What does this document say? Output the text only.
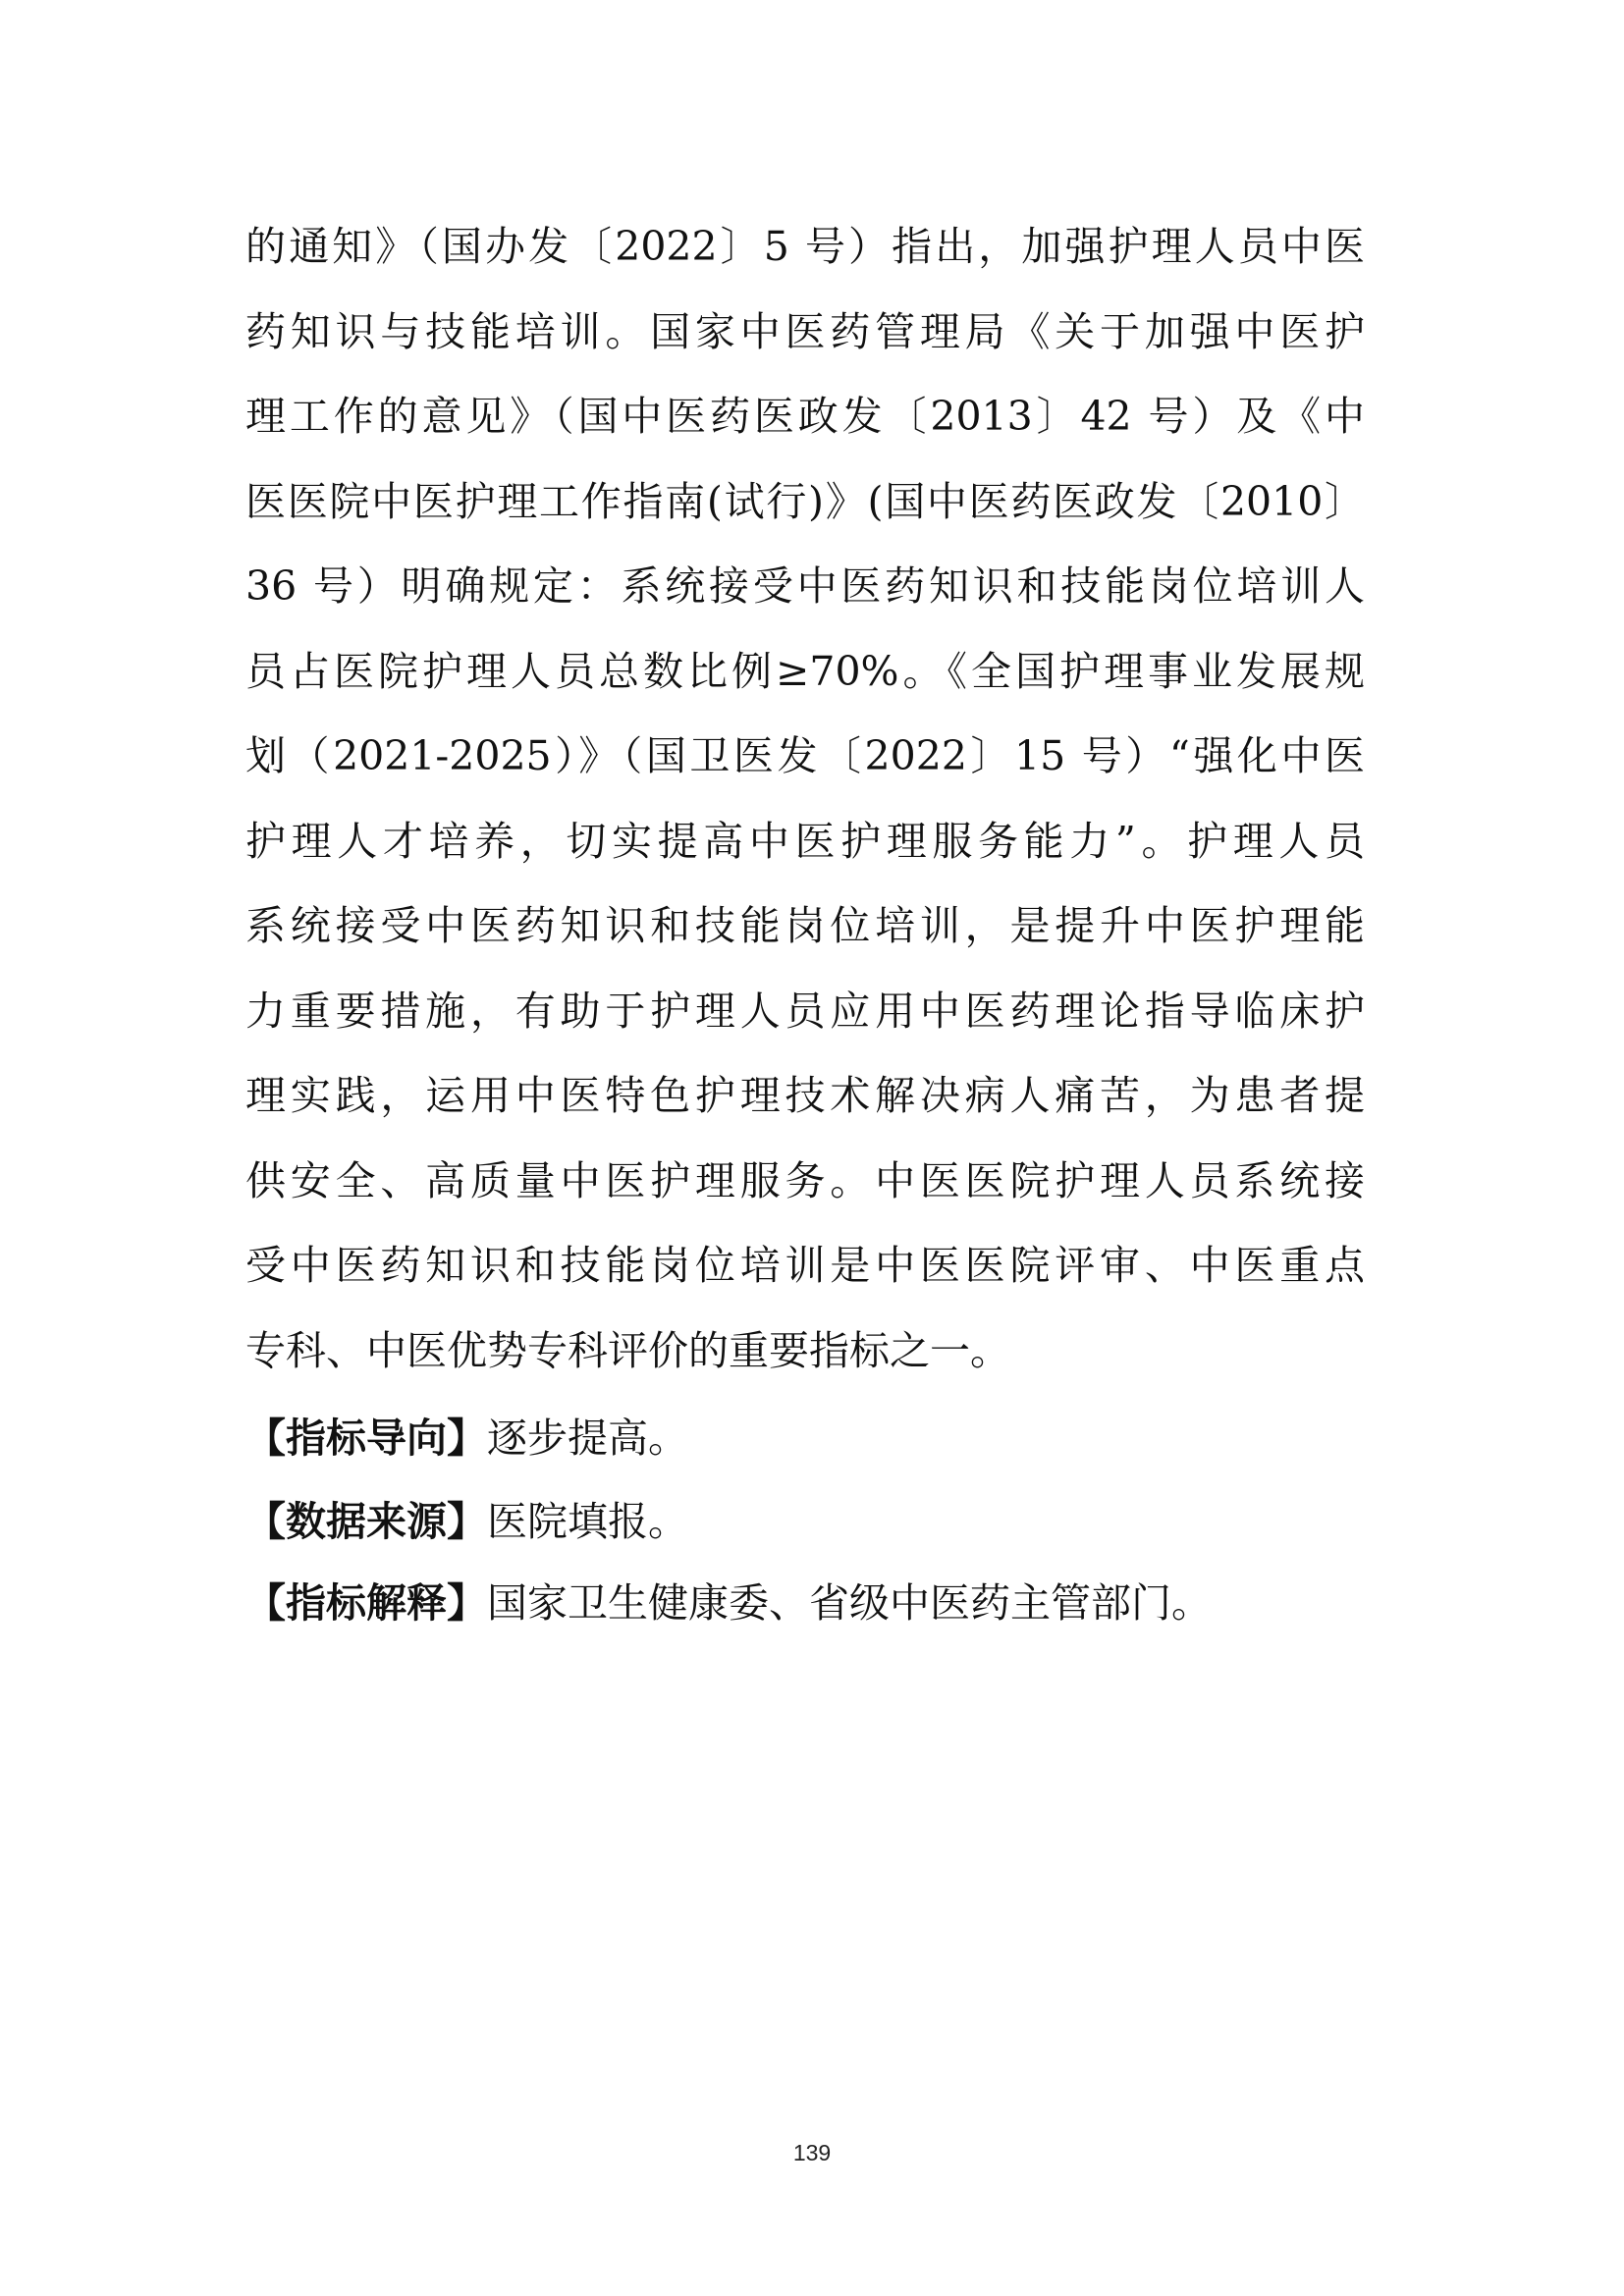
的通知》（国办发〔2022〕5 号）指出，加强护理人员中医
药知识与技能培训。国家中医药管理局《关于加强中医护
理工作的意见》（国中医药医政发〔2013〕42 号）及《中
医医院中医护理工作指南(试行)》(国中医药医政发〔2010〕
36 号）明确规定：系统接受中医药知识和技能岗位培训人
员占医院护理人员总数比例≥70%。《全国护理事业发展规
划（2021-2025）》（国卫医发〔2022〕15 号）“强化中医
护理人才培养，切实提高中医护理服务能力”。护理人员
系统接受中医药知识和技能岗位培训，是提升中医护理能
力重要措施，有助于护理人员应用中医药理论指导临床护
理实践，运用中医特色护理技术解决病人痛苦，为患者提
供安全、高质量中医护理服务。中医医院护理人员系统接
受中医药知识和技能岗位培训是中医医院评审、中医重点
专科、中医优势专科评价的重要指标之一。

【指标导向】逐步提高。

【数据来源】医院填报。

【指标解释】国家卫生健康委、省级中医药主管部门。

139
